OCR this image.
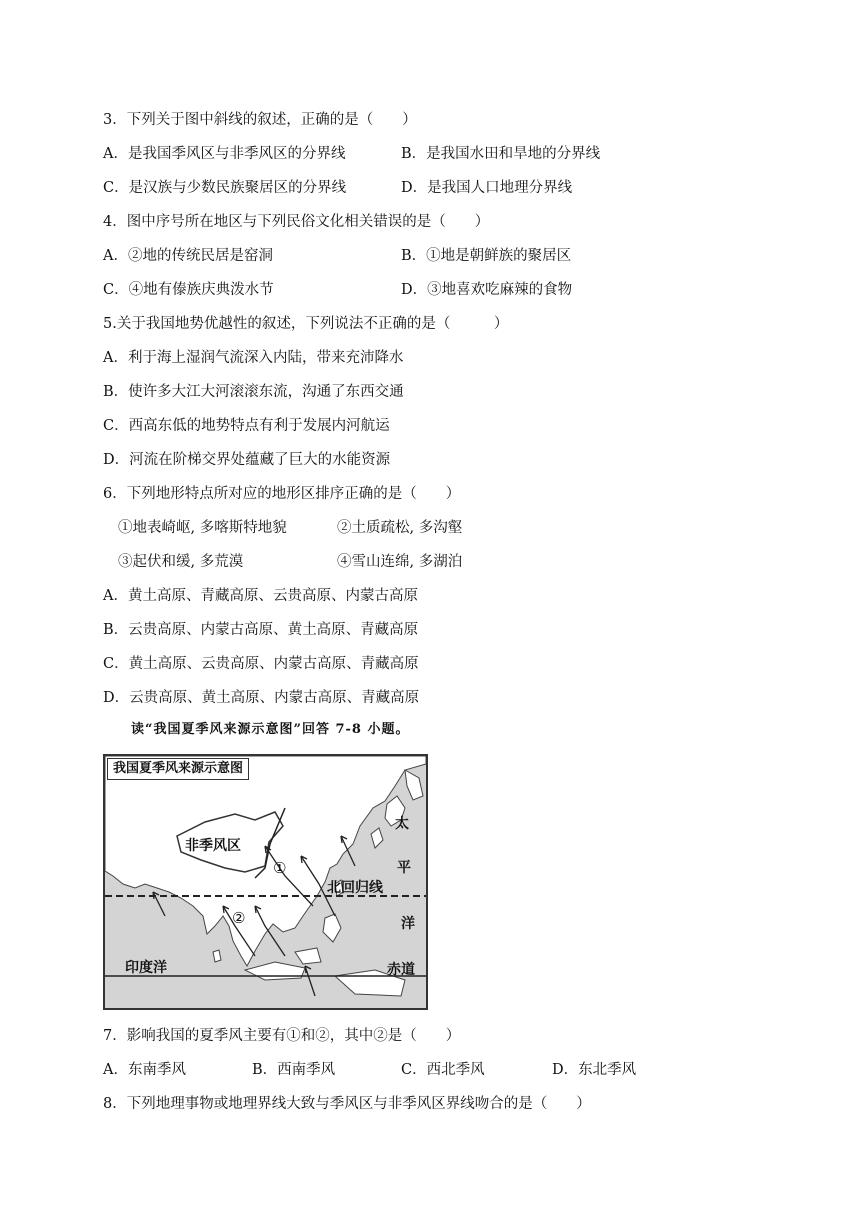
3．下列关于图中斜线的叙述，正确的是（　　）
A．是我国季风区与非季风区的分界线	B．是我国水田和旱地的分界线
C．是汉族与少数民族聚居区的分界线	D．是我国人口地理分界线
4．图中序号所在地区与下列民俗文化相关错误的是（　　）
A．②地的传统民居是窑洞	B．①地是朝鲜族的聚居区
C．④地有傣族庆典泼水节	D．③地喜欢吃麻辣的食物
5.关于我国地势优越性的叙述，下列说法不正确的是（　　　）
A．利于海上湿润气流深入内陆，带来充沛降水
B．使许多大江大河滚滚东流，沟通了东西交通
C．西高东低的地势特点有利于发展内河航运
D．河流在阶梯交界处蕴藏了巨大的水能资源
6．下列地形特点所对应的地形区排序正确的是（　　）
①地表崎岖, 多喀斯特地貌	②土质疏松, 多沟壑
③起伏和缓, 多荒漠	④雪山连绵, 多湖泊
A．黄土高原、青藏高原、云贵高原、内蒙古高原
B．云贵高原、内蒙古高原、黄土高原、青藏高原
C．黄土高原、云贵高原、内蒙古高原、青藏高原
D．云贵高原、黄土高原、内蒙古高原、青藏高原
读“我国夏季风来源示意图”回答 7-8 小题。
我国夏季风来源示意图
非季风区
①
②
北回归线
赤道
印度洋
太
平
洋
7．影响我国的夏季风主要有①和②，其中②是（　　）
A．东南季风	B．西南季风	C．西北季风	D．东北季风
8．下列地理事物或地理界线大致与季风区与非季风区界线吻合的是（　　）
